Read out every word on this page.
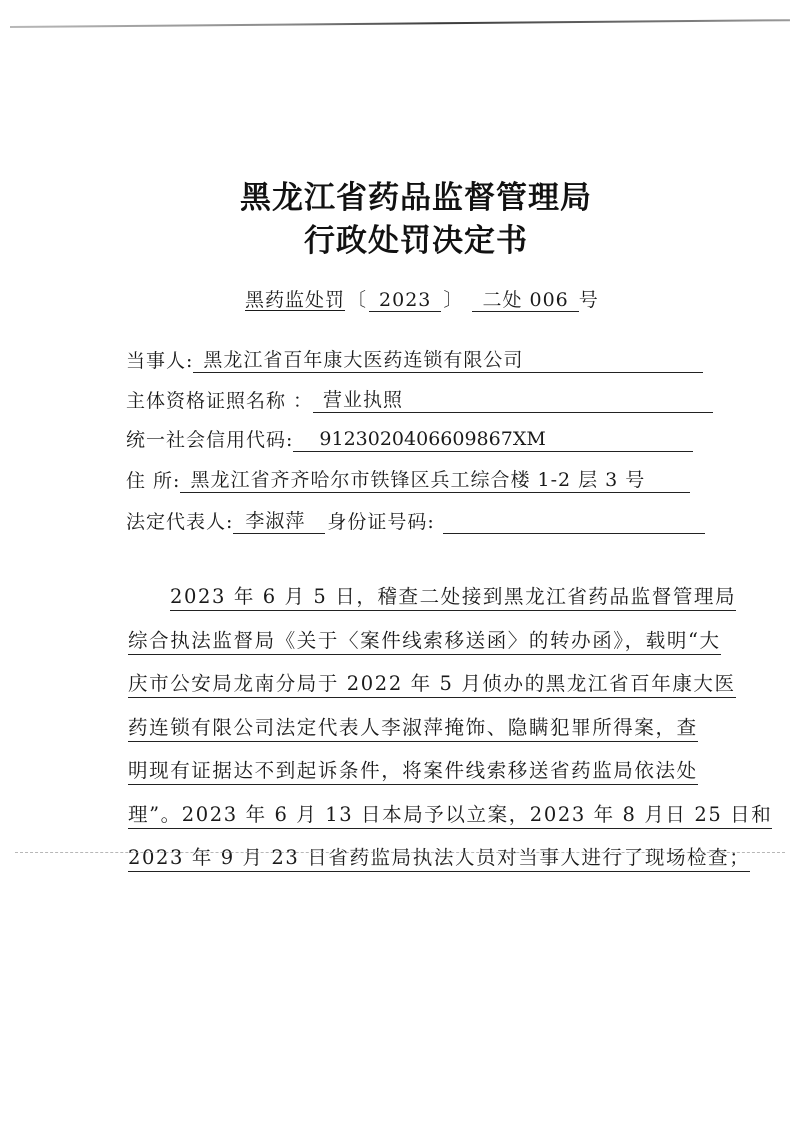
黑龙江省药品监督管理局
行政处罚决定书
黑药监处罚 〔 2023 〕 二处 006 号
当事人: 黑龙江省百年康大医药连锁有限公司
主体资格证照名称 ： 营业执照
统一社会信用代码:	9123020406609867XM
住 所: 黑龙江省齐齐哈尔市铁锋区兵工综合楼 1-2 层 3 号
法定代表人: 李淑萍	身份证号码:
2023 年 6 月 5 日，稽查二处接到黑龙江省药品监督管理局
综合执法监督局《关于〈案件线索移送函〉的转办函》，载明“大
庆市公安局龙南分局于 2022 年 5 月侦办的黑龙江省百年康大医
药连锁有限公司法定代表人李淑萍掩饰、隐瞒犯罪所得案，查
明现有证据达不到起诉条件，将案件线索移送省药监局依法处
理”。2023 年 6 月 13 日本局予以立案，2023 年 8 月日 25 日和
2023 年 9 月 23 日省药监局执法人员对当事人进行了现场检查；
